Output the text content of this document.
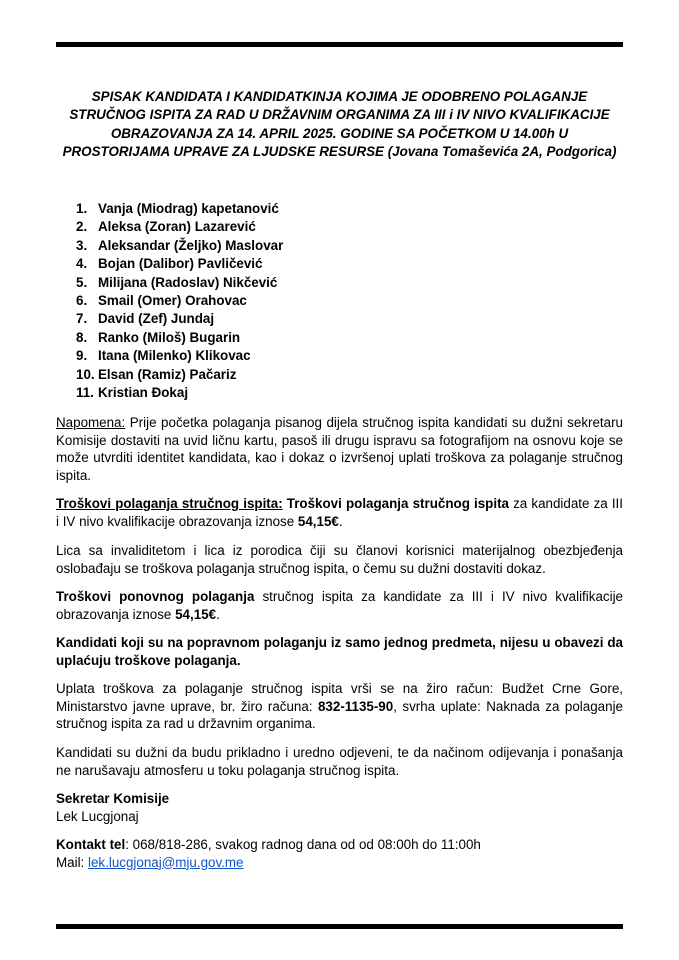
SPISAK KANDIDATA I KANDIDATKINJA KOJIMA JE ODOBRENO POLAGANJE STRUČNOG ISPITA ZA RAD U DRŽAVNIM ORGANIMA ZA III i IV NIVO KVALIFIKACIJE OBRAZOVANJA ZA 14. APRIL 2025. GODINE SA POČETKOM U 14.00h U PROSTORIJAMA UPRAVE ZA LJUDSKE RESURSE (Jovana Tomaševića 2A, Podgorica)
1. Vanja (Miodrag) kapetanović
2. Aleksa (Zoran) Lazarević
3. Aleksandar (Željko) Maslovar
4. Bojan (Dalibor) Pavličević
5. Milijana (Radoslav) Nikčević
6. Smail (Omer) Orahovac
7. David (Zef) Jundaj
8. Ranko (Miloš) Bugarin
9. Itana (Milenko) Klikovac
10. Elsan (Ramiz) Pačariz
11. Kristian Đokaj

Napomena: Prije početka polaganja pisanog dijela stručnog ispita kandidati su dužni sekretaru Komisije dostaviti na uvid ličnu kartu, pasoš ili drugu ispravu sa fotografijom na osnovu koje se može utvrditi identitet kandidata, kao i dokaz o izvršenoj uplati troškova za polaganje stručnog ispita.

Troškovi polaganja stručnog ispita: Troškovi polaganja stručnog ispita za kandidate za III i IV nivo kvalifikacije obrazovanja iznose 54,15€.

Lica sa invaliditetom i lica iz porodica čiji su članovi korisnici materijalnog obezbjeđenja oslobađaju se troškova polaganja stručnog ispita, o čemu su dužni dostaviti dokaz.

Troškovi ponovnog polaganja stručnog ispita za kandidate za III i IV nivo kvalifikacije obrazovanja iznose 54,15€.

Kandidati koji su na popravnom polaganju iz samo jednog predmeta, nijesu u obavezi da uplaćuju troškove polaganja.

Uplata troškova za polaganje stručnog ispita vrši se na žiro račun: Budžet Crne Gore, Ministarstvo javne uprave, br. žiro računa: 832-1135-90, svrha uplate: Naknada za polaganje stručnog ispita za rad u državnim organima.

Kandidati su dužni da budu prikladno i uredno odjeveni, te da načinom odijevanja i ponašanja ne narušavaju atmosferu u toku polaganja stručnog ispita.

Sekretar Komisije
Lek Lucgjonaj

Kontakt tel: 068/818-286, svakog radnog dana od od 08:00h do 11:00h
Mail: lek.lucgjonaj@mju.gov.me
